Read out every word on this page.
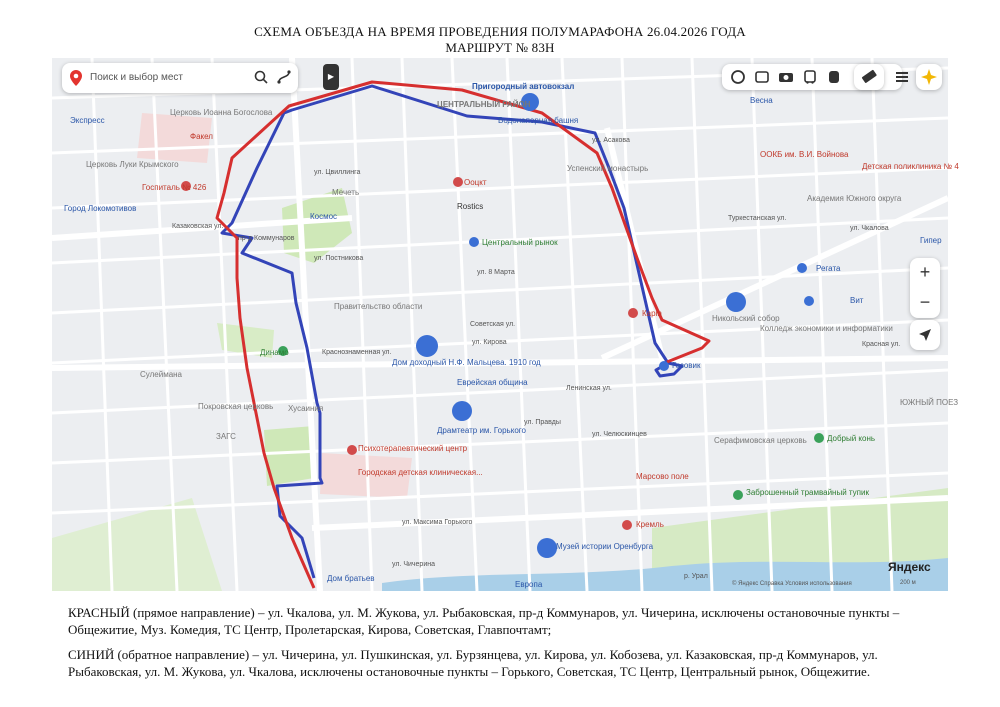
СХЕМА ОБЪЕЗДА НА ВРЕМЯ ПРОВЕДЕНИЯ ПОЛУМАРАФОНА 26.04.2026 ГОДА
МАРШРУТ № 83Н
Пригородный автовокзал
ЦЕНТРАЛЬНЫЙ РАЙОН
Водонапорная башня
Весна
ООКБ им. В.И. Войнова
Детская поликлиника № 4
ул. Асакова
Успенский монастырь
Экспресс
Церковь Иоанна Богослова
Факел
Церковь Луки Крымского
Госпиталь № 426
Мечеть
Космос
Ооцкт
Rostics
Город Локомотивов
пр-д Коммунаров
Казаковская ул.
Центральный рынок
Правительство области
Динамо
Дом доходный Н.Ф. Мальцева. 1910 год
Еврейская община
Сулеймана
Хусаиния
Покровская церковь
ЗАГС
Драмтеатр им. Горького
Психотерапевтический центр
Городская детская клиническая...	Марсово поле
Кремль
Музей истории Оренбурга
Дом братьев
Европа
Карin
Никольский собор
Газовик
Регата
Вит
Колледж экономики и информатики
Академия Южного округа
Гипер
Серафимовская церковь	Добрый конь
Заброшенный трамвайный тупик
ЮЖНЫЙ ПОЕЗ
ул. Чкалова
Туркестанская ул.
Ленинская ул.
ул. Кирова
ул. 8 Марта
Советская ул.
ул. Максима Горького
ул. Чичерина
Красная ул.
р. Урал
ул. Челюскинцев
ул. Правды
Краснознаменная ул.
ул. Постникова
ул. Цвиллинга
Поиск и выбор мест	▶
+
−
Яндекс
© Яндекс Справка Условия использования	200 м
КРАСНЫЙ (прямое направление) – ул. Чкалова, ул. М. Жукова, ул. Рыбаковская, пр-д Коммунаров, ул. Чичерина, исключены остановочные пункты – Общежитие, Муз. Комедия, ТС Центр, Пролетарская, Кирова, Советская, Главпочтамт;
СИНИЙ (обратное направление) – ул. Чичерина, ул. Пушкинская, ул. Бурзянцева, ул. Кирова, ул. Кобозева, ул. Казаковская, пр-д Коммунаров, ул. Рыбаковская, ул. М. Жукова, ул. Чкалова, исключены остановочные пункты – Горького, Советская, ТС Центр, Центральный рынок, Общежитие.
